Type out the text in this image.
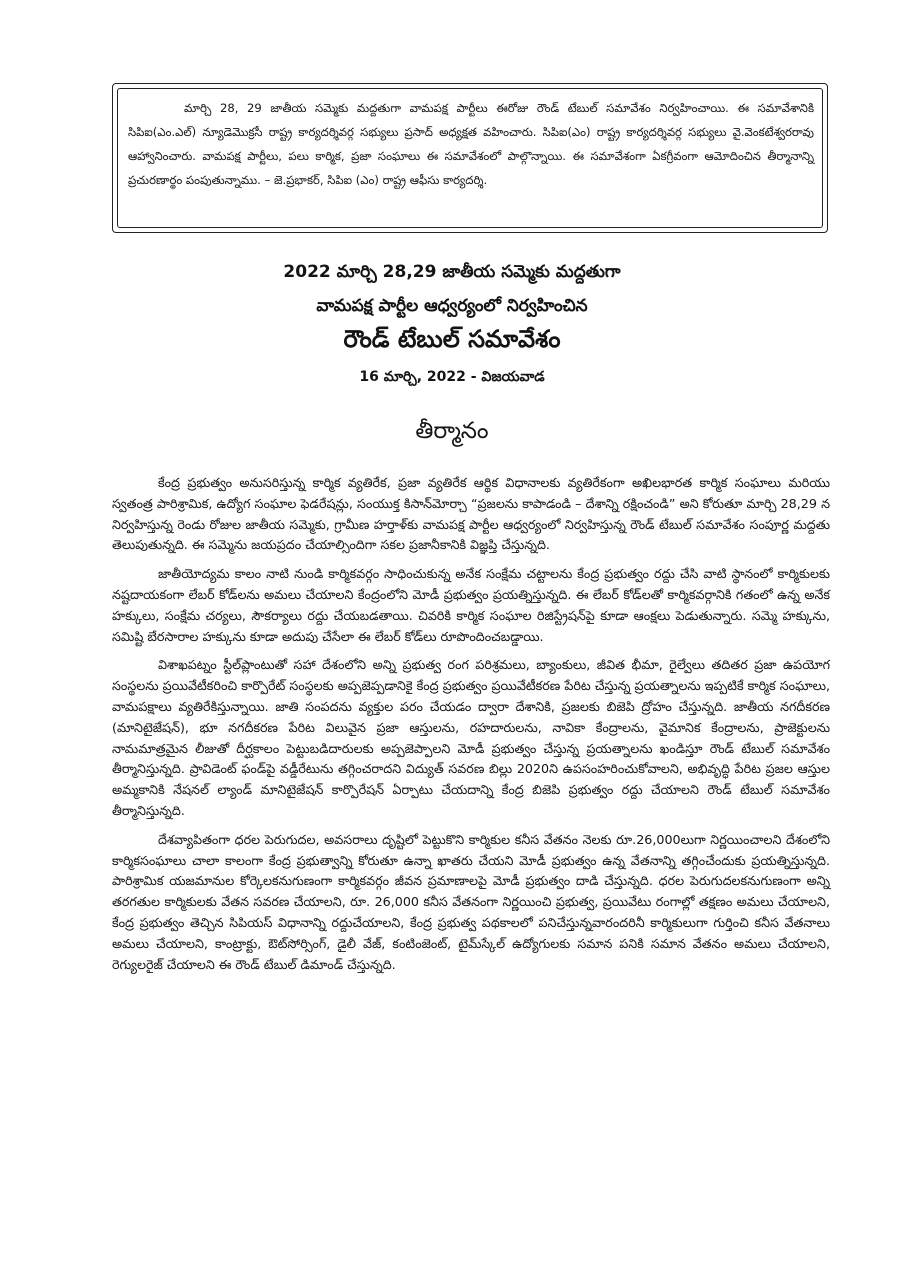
మార్చి 28, 29 జాతీయ సమ్మెకు మద్దతుగా వామపక్ష పార్టీలు ఈరోజు రౌండ్ టేబుల్ సమావేశం నిర్వహించాయి. ఈ సమావేశానికి సిపిఐ(ఎం.ఎల్) న్యూడెమొక్రసీ రాష్ట్ర కార్యదర్శివర్గ సభ్యులు ప్రసాద్ అధ్యక్షత వహించారు. సిపిఐ(ఎం) రాష్ట్ర కార్యదర్శివర్గ సభ్యులు వై.వెంకటేశ్వరరావు ఆహ్వానించారు. వామపక్ష పార్టీలు, పలు కార్మిక, ప్రజా సంఘాలు ఈ సమావేశంలో పాల్గొన్నాయి. ఈ సమావేశంగా ఏకగ్రీవంగా ఆమోదించిన తీర్మానాన్ని ప్రచురణార్థం పంపుతున్నాము. – జె.ప్రభాకర్, సిపిఐ (ఎం) రాష్ట్ర ఆఫీసు కార్యదర్శి.

2022 మార్చి 28,29 జాతీయ సమ్మెకు మద్దతుగా
వామపక్ష పార్టీల ఆధ్వర్యంలో నిర్వహించిన
రౌండ్ టేబుల్ సమావేశం
16 మార్చి, 2022 - విజయవాడ
తీర్మానం

కేంద్ర ప్రభుత్వం అనుసరిస్తున్న కార్మిక వ్యతిరేక, ప్రజా వ్యతిరేక ఆర్థిక విధానాలకు వ్యతిరేకంగా అఖిలభారత కార్మిక సంఘాలు మరియు స్వతంత్ర పారిశ్రామిక, ఉద్యోగ సంఘాల ఫెడరేషన్లు, సంయుక్త కిసాన్‌మోర్చా “ప్రజలను కాపాడండి – దేశాన్ని రక్షించండి” అని కోరుతూ మార్చి 28,29 న నిర్వహిస్తున్న రెండు రోజుల జాతీయ సమ్మెకు, గ్రామీణ హర్తాళ్‌కు వామపక్ష పార్టీల ఆధ్వర్యంలో నిర్వహిస్తున్న రౌండ్ టేబుల్ సమావేశం సంపూర్ణ మద్దతు తెలుపుతున్నది. ఈ సమ్మెను జయప్రదం చేయాల్సిందిగా సకల ప్రజానీకానికి విజ్ఞప్తి చేస్తున్నది.

జాతీయోద్యమ కాలం నాటి నుండి కార్మికవర్గం సాధించుకున్న అనేక సంక్షేమ చట్టాలను కేంద్ర ప్రభుత్వం రద్దు చేసి వాటి స్థానంలో కార్మికులకు నష్టదాయకంగా లేబర్ కోడ్‌లను అమలు చేయాలని కేంద్రంలోని మోడీ ప్రభుత్వం ప్రయత్నిస్తున్నది. ఈ లేబర్ కోడ్‌లతో కార్మికవర్గానికి గతంలో ఉన్న అనేక హక్కులు, సంక్షేమ చర్యలు, సౌకర్యాలు రద్దు చేయబడతాయి. చివరికి కార్మిక సంఘాల రిజిస్ట్రేషన్‌పై కూడా ఆంక్షలు పెడుతున్నారు. సమ్మె హక్కును, సమిష్టి బేరసారాల హక్కును కూడా అదుపు చేసేలా ఈ లేబర్ కోడ్‌లు రూపొందించబడ్డాయి.

విశాఖపట్నం స్టీల్‌ప్లాంటుతో సహా దేశంలోని అన్ని ప్రభుత్వ రంగ పరిశ్రమలు, బ్యాంకులు, జీవిత భీమా, రైల్వేలు తదితర ప్రజా ఉపయోగ సంస్థలను ప్రయివేటీకరించి కార్పొరేట్ సంస్థలకు అప్పజెప్పడానికై కేంద్ర ప్రభుత్వం ప్రయివేటీకరణ పేరిట చేస్తున్న ప్రయత్నాలను ఇప్పటికే కార్మిక సంఘాలు, వామపక్షాలు వ్యతిరేకిస్తున్నాయి. జాతి సంపదను వ్యక్తుల పరం చేయడం ద్వారా దేశానికి, ప్రజలకు బిజెపి ద్రోహం చేస్తున్నది. జాతీయ నగదీకరణ (మానిటైజేషన్), భూ నగదీకరణ పేరిట విలువైన ప్రజా ఆస్తులను, రహదారులను, నావికా కేంద్రాలను, వైమానిక కేంద్రాలను, ప్రాజెక్టులను నామమాత్రమైన లీజుతో దీర్ఘకాలం పెట్టుబడిదారులకు అప్పజెప్పాలని మోడీ ప్రభుత్వం చేస్తున్న ప్రయత్నాలను ఖండిస్తూ రౌండ్ టేబుల్ సమావేశం తీర్మానిస్తున్నది. ప్రావిడెంట్ ఫండ్‌పై వడ్డీరేటును తగ్గించరాదని విద్యుత్ సవరణ బిల్లు 2020ని ఉపసంహరించుకోవాలని, అభివృద్ధి పేరిట ప్రజల ఆస్తుల అమ్మకానికి నేషనల్ ల్యాండ్ మానిటైజేషన్ కార్పొరేషన్ ఏర్పాటు చేయదాన్ని కేంద్ర బిజెపి ప్రభుత్వం రద్దు చేయాలని రౌండ్ టేబుల్ సమావేశం తీర్మానిస్తున్నది.

దేశవ్యాపితంగా ధరల పెరుగుదల, అవసరాలు దృష్టిలో పెట్టుకొని కార్మికుల కనీస వేతనం నెలకు రూ.26,000లుగా నిర్ణయించాలని దేశంలోని కార్మికసంఘాలు చాలా కాలంగా కేంద్ర ప్రభుత్వాన్ని కోరుతూ ఉన్నా ఖాతరు చేయని మోడీ ప్రభుత్వం ఉన్న వేతనాన్ని తగ్గించేందుకు ప్రయత్నిస్తున్నది. పారిశ్రామిక యజమానుల కోర్కెలకనుగుణంగా కార్మికవర్గం జీవన ప్రమాణాలపై మోడీ ప్రభుత్వం దాడి చేస్తున్నది. ధరల పెరుగుదలకనుగుణంగా అన్ని తరగతుల కార్మికులకు వేతన సవరణ చేయాలని, రూ. 26,000 కనీస వేతనంగా నిర్ణయించి ప్రభుత్వ, ప్రయివేటు రంగాల్లో తక్షణం అమలు చేయాలని, కేంద్ర ప్రభుత్వం తెచ్చిన సిపియస్ విధానాన్ని రద్దుచేయాలని, కేంద్ర ప్రభుత్వ పథకాలలో పనిచేస్తున్నవారందరినీ కార్మికులుగా గుర్తించి కనీస వేతనాలు అమలు చేయాలని, కాంట్రాక్టు, ఔట్‌సోర్సింగ్, డైలీ వేజ్, కంటింజెంట్, టైమ్‌స్కేల్ ఉద్యోగులకు సమాన పనికి సమాన వేతనం అమలు చేయాలని, రెగ్యులరైజ్ చేయాలని ఈ రౌండ్ టేబుల్ డిమాండ్ చేస్తున్నది.
